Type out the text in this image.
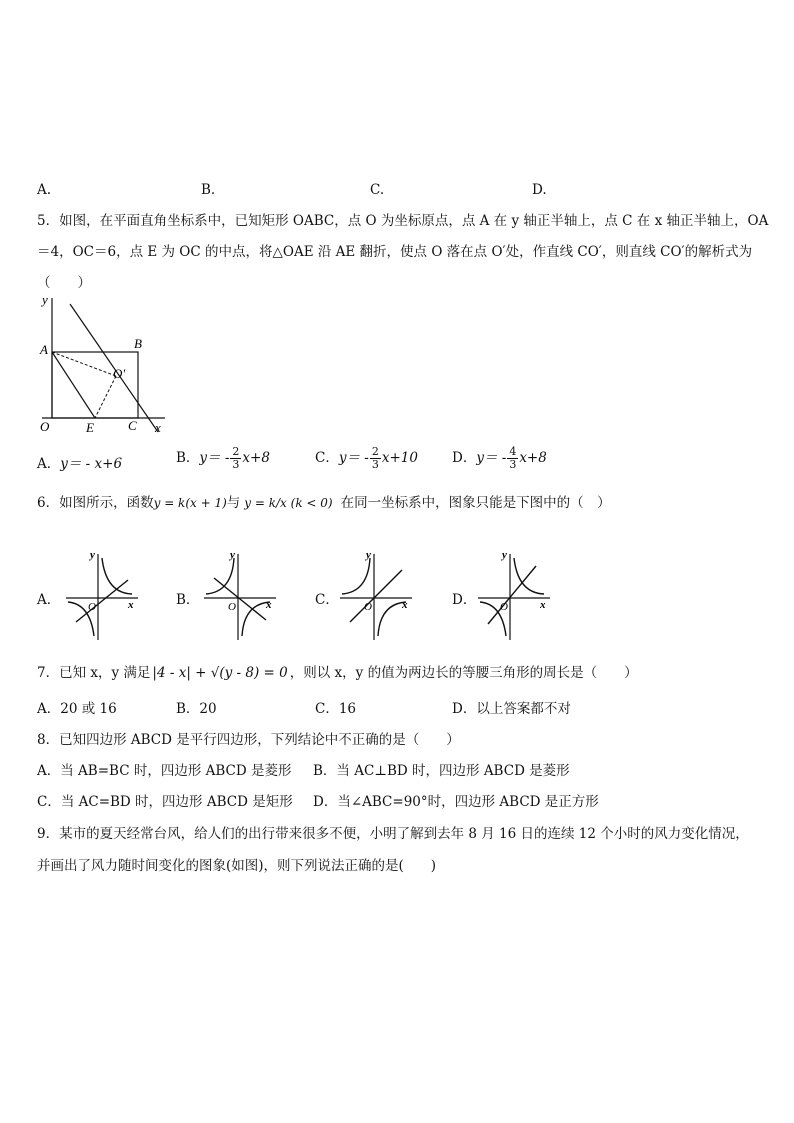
A.	B.	C.	D.
5．如图，在平面直角坐标系中，已知矩形 OABC，点 O 为坐标原点，点 A 在 y 轴正半轴上，点 C 在 x 轴正半轴上，OA
＝4，OC＝6，点 E 为 OC 的中点，将△OAE 沿 AE 翻折，使点 O 落在点 O′处，作直线 CO′，则直线 CO′的解析式为
（　　）
y
x
A	B
O	E	C
O′
A．y＝ - x+6	B．$y= - \frac{2}{3} x+8$	C．$y= - \frac{2}{3} x+10$	D．$y= - \frac{4}{3} x+8$
6．如图所示，函数y = k(x + 1)与 y = k/x (k < 0) 在同一坐标系中，图象只能是下图中的（　）
A．
y
x
O	B．
y
x
O	C．
y
x
O	D．
y
x
O
7．已知 x，y 满足 |4 - x| + √(y - 8) = 0 ，则以 x，y 的值为两边长的等腰三角形的周长是（　　）
A．20 或 16	B．20	C．16	D．以上答案都不对
8．已知四边形 ABCD 是平行四边形，下列结论中不正确的是（　　）
A．当 AB=BC 时，四边形 ABCD 是菱形 B．当 AC⊥BD 时，四边形 ABCD 是菱形
C．当 AC=BD 时，四边形 ABCD 是矩形 D．当∠ABC=90°时，四边形 ABCD 是正方形
9．某市的夏天经常台风，给人们的出行带来很多不便，小明了解到去年 8 月 16 日的连续 12 个小时的风力变化情况，
并画出了风力随时间变化的图象(如图)，则下列说法正确的是(　　)
